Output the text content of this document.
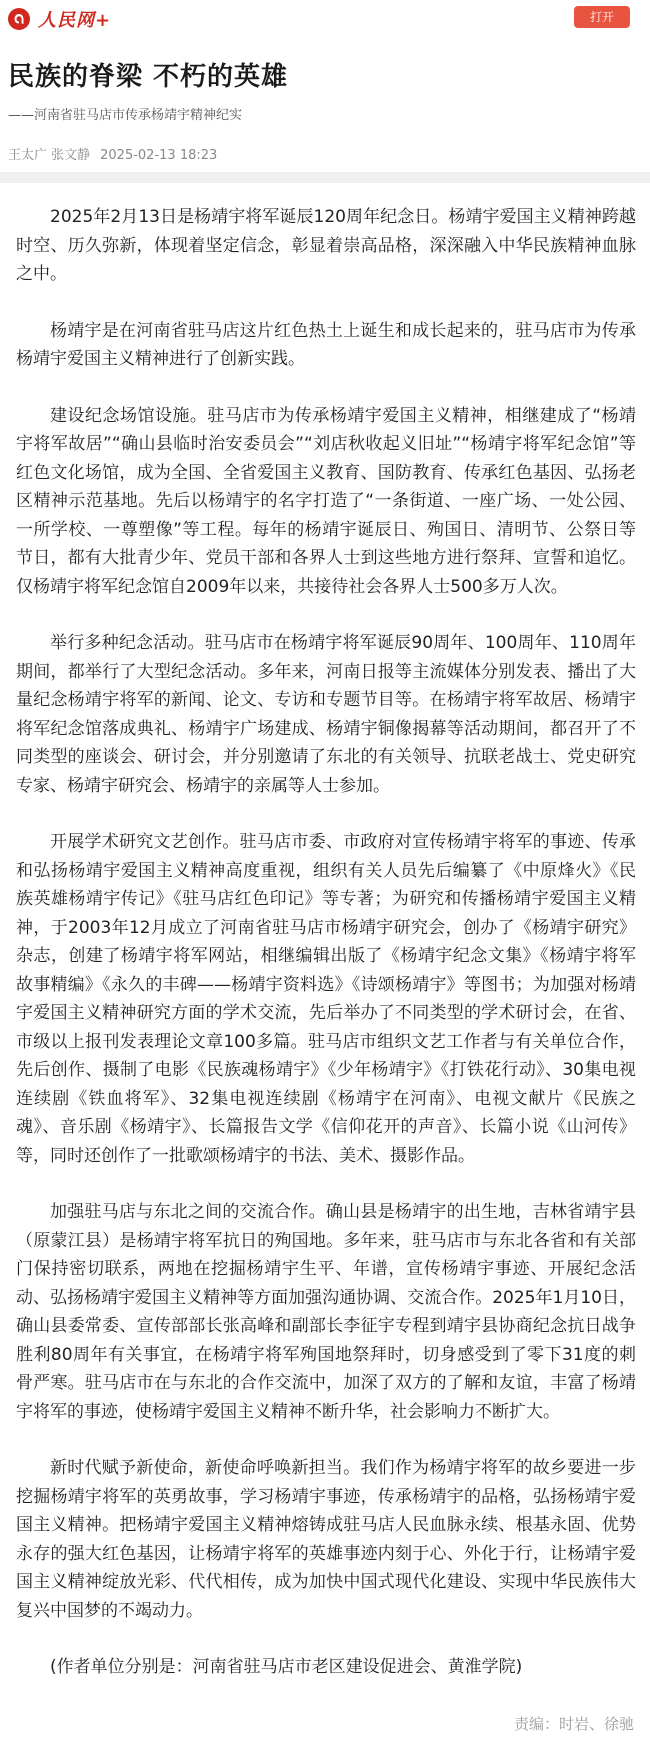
人民网+	打开
民族的脊梁 不朽的英雄
——河南省驻马店市传承杨靖宇精神纪实
王太广 张文静 2025-02-13 18:23

2025年2月13日是杨靖宇将军诞辰120周年纪念日。杨靖宇爱国主义精神跨越时空、历久弥新，体现着坚定信念，彰显着崇高品格，深深融入中华民族精神血脉之中。

杨靖宇是在河南省驻马店这片红色热土上诞生和成长起来的，驻马店市为传承杨靖宇爱国主义精神进行了创新实践。

建设纪念场馆设施。驻马店市为传承杨靖宇爱国主义精神，相继建成了“杨靖宇将军故居”“确山县临时治安委员会”“刘店秋收起义旧址”“杨靖宇将军纪念馆”等红色文化场馆，成为全国、全省爱国主义教育、国防教育、传承红色基因、弘扬老区精神示范基地。先后以杨靖宇的名字打造了“一条街道、一座广场、一处公园、一所学校、一尊塑像”等工程。每年的杨靖宇诞辰日、殉国日、清明节、公祭日等节日，都有大批青少年、党员干部和各界人士到这些地方进行祭拜、宣誓和追忆。仅杨靖宇将军纪念馆自2009年以来，共接待社会各界人士500多万人次。

举行多种纪念活动。驻马店市在杨靖宇将军诞辰90周年、100周年、110周年期间，都举行了大型纪念活动。多年来，河南日报等主流媒体分别发表、播出了大量纪念杨靖宇将军的新闻、论文、专访和专题节目等。在杨靖宇将军故居、杨靖宇将军纪念馆落成典礼、杨靖宇广场建成、杨靖宇铜像揭幕等活动期间，都召开了不同类型的座谈会、研讨会，并分别邀请了东北的有关领导、抗联老战士、党史研究专家、杨靖宇研究会、杨靖宇的亲属等人士参加。

开展学术研究文艺创作。驻马店市委、市政府对宣传杨靖宇将军的事迹、传承和弘扬杨靖宇爱国主义精神高度重视，组织有关人员先后编纂了《中原烽火》《民族英雄杨靖宇传记》《驻马店红色印记》等专著；为研究和传播杨靖宇爱国主义精神，于2003年12月成立了河南省驻马店市杨靖宇研究会，创办了《杨靖宇研究》杂志，创建了杨靖宇将军网站，相继编辑出版了《杨靖宇纪念文集》《杨靖宇将军故事精编》《永久的丰碑——杨靖宇资料选》《诗颂杨靖宇》等图书；为加强对杨靖宇爱国主义精神研究方面的学术交流，先后举办了不同类型的学术研讨会，在省、市级以上报刊发表理论文章100多篇。驻马店市组织文艺工作者与有关单位合作，先后创作、摄制了电影《民族魂杨靖宇》《少年杨靖宇》《打铁花行动》、30集电视连续剧《铁血将军》、32集电视连续剧《杨靖宇在河南》、电视文献片《民族之魂》、音乐剧《杨靖宇》、长篇报告文学《信仰花开的声音》、长篇小说《山河传》等，同时还创作了一批歌颂杨靖宇的书法、美术、摄影作品。

加强驻马店与东北之间的交流合作。确山县是杨靖宇的出生地，吉林省靖宇县（原蒙江县）是杨靖宇将军抗日的殉国地。多年来，驻马店市与东北各省和有关部门保持密切联系，两地在挖掘杨靖宇生平、年谱，宣传杨靖宇事迹、开展纪念活动、弘扬杨靖宇爱国主义精神等方面加强沟通协调、交流合作。2025年1月10日，确山县委常委、宣传部部长张高峰和副部长李征宇专程到靖宇县协商纪念抗日战争胜利80周年有关事宜，在杨靖宇将军殉国地祭拜时，切身感受到了零下31度的刺骨严寒。驻马店市在与东北的合作交流中，加深了双方的了解和友谊，丰富了杨靖宇将军的事迹，使杨靖宇爱国主义精神不断升华，社会影响力不断扩大。

新时代赋予新使命，新使命呼唤新担当。我们作为杨靖宇将军的故乡要进一步挖掘杨靖宇将军的英勇故事，学习杨靖宇事迹，传承杨靖宇的品格，弘扬杨靖宇爱国主义精神。把杨靖宇爱国主义精神熔铸成驻马店人民血脉永续、根基永固、优势永存的强大红色基因，让杨靖宇将军的英雄事迹内刻于心、外化于行，让杨靖宇爱国主义精神绽放光彩、代代相传，成为加快中国式现代化建设、实现中华民族伟大复兴中国梦的不竭动力。

(作者单位分别是：河南省驻马店市老区建设促进会、黄淮学院)

责编：时岩、徐驰
